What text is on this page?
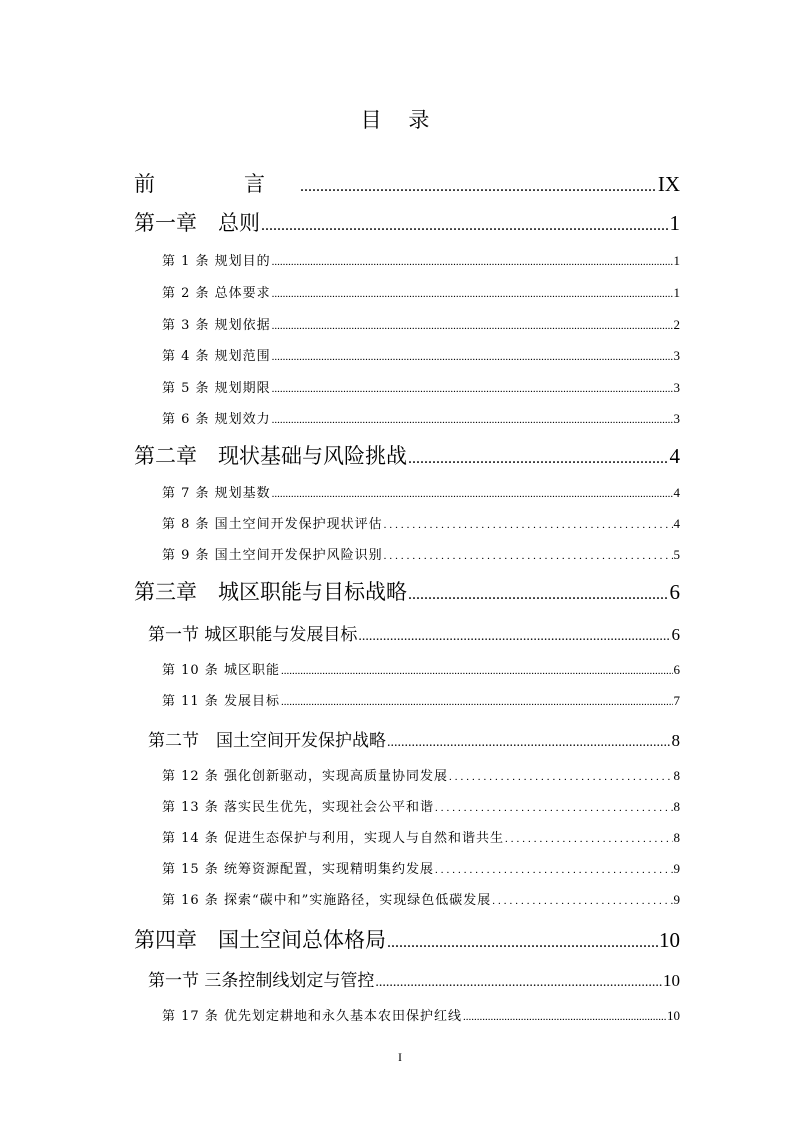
目 录
前　言 .....	IX
第一章　总则 .....	1
第 1 条 规划目的 .....	1
第 2 条 总体要求 .....	1
第 3 条 规划依据 .....	2
第 4 条 规划范围 .....	3
第 5 条 规划期限 .....	3
第 6 条 规划效力 .....	3
第二章　现状基础与风险挑战 .....	4
第 7 条 规划基数 .....	4
第 8 条 国土空间开发保护现状评估 .....	4
第 9 条 国土空间开发保护风险识别 .....	5
第三章　城区职能与目标战略 .....	6
第一节 城区职能与发展目标 .....	6
第 10 条 城区职能 .....	6
第 11 条 发展目标 .....	7
第二节　国土空间开发保护战略 .....	8
第 12 条 强化创新驱动，实现高质量协同发展 .....	8
第 13 条 落实民生优先，实现社会公平和谐 .....	8
第 14 条 促进生态保护与利用，实现人与自然和谐共生 .....	8
第 15 条 统筹资源配置，实现精明集约发展 .....	9
第 16 条 探索“碳中和”实施路径，实现绿色低碳发展 .....	9
第四章　国土空间总体格局 .....	10
第一节 三条控制线划定与管控 .....	10
第 17 条 优先划定耕地和永久基本农田保护红线 .....	10
I
